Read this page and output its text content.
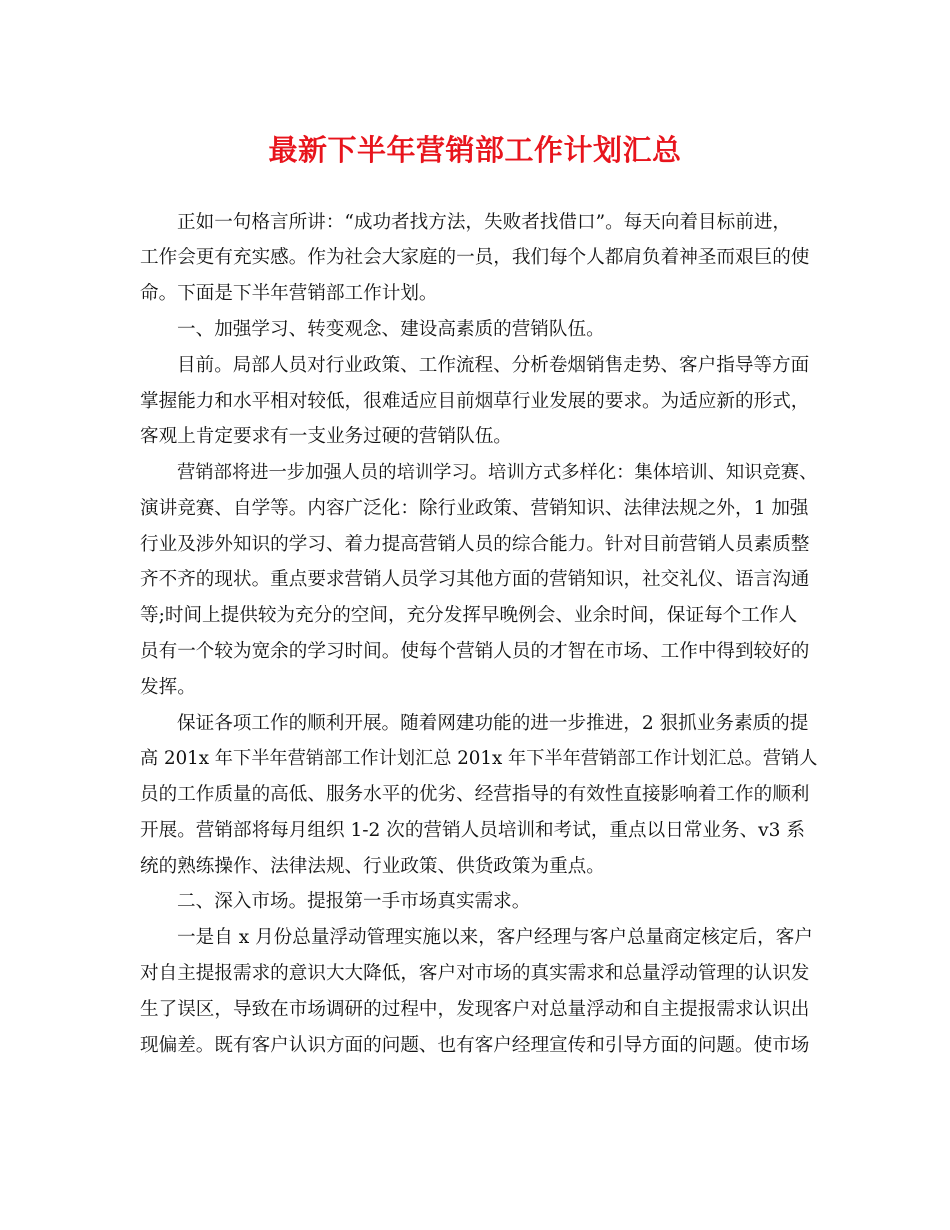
最新下半年营销部工作计划汇总
正如一句格言所讲：“成功者找方法，失败者找借口”。每天向着目标前进，
工作会更有充实感。作为社会大家庭的一员，我们每个人都肩负着神圣而艰巨的使
命。下面是下半年营销部工作计划。
一、加强学习、转变观念、建设高素质的营销队伍。
目前。局部人员对行业政策、工作流程、分析卷烟销售走势、客户指导等方面
掌握能力和水平相对较低，很难适应目前烟草行业发展的要求。为适应新的形式，
客观上肯定要求有一支业务过硬的营销队伍。
营销部将进一步加强人员的培训学习。培训方式多样化：集体培训、知识竞赛、
演讲竞赛、自学等。内容广泛化：除行业政策、营销知识、法律法规之外，1 加强
行业及涉外知识的学习、着力提高营销人员的综合能力。针对目前营销人员素质整
齐不齐的现状。重点要求营销人员学习其他方面的营销知识，社交礼仪、语言沟通
等;时间上提供较为充分的空间，充分发挥早晚例会、业余时间，保证每个工作人
员有一个较为宽余的学习时间。使每个营销人员的才智在市场、工作中得到较好的
发挥。
保证各项工作的顺利开展。随着网建功能的进一步推进，2 狠抓业务素质的提
高 201x 年下半年营销部工作计划汇总 201x 年下半年营销部工作计划汇总。营销人
员的工作质量的高低、服务水平的优劣、经营指导的有效性直接影响着工作的顺利
开展。营销部将每月组织 1-2 次的营销人员培训和考试，重点以日常业务、v3 系
统的熟练操作、法律法规、行业政策、供货政策为重点。
二、深入市场。提报第一手市场真实需求。
一是自 x 月份总量浮动管理实施以来，客户经理与客户总量商定核定后，客户
对自主提报需求的意识大大降低，客户对市场的真实需求和总量浮动管理的认识发
生了误区，导致在市场调研的过程中，发现客户对总量浮动和自主提报需求认识出
现偏差。既有客户认识方面的问题、也有客户经理宣传和引导方面的问题。使市场
